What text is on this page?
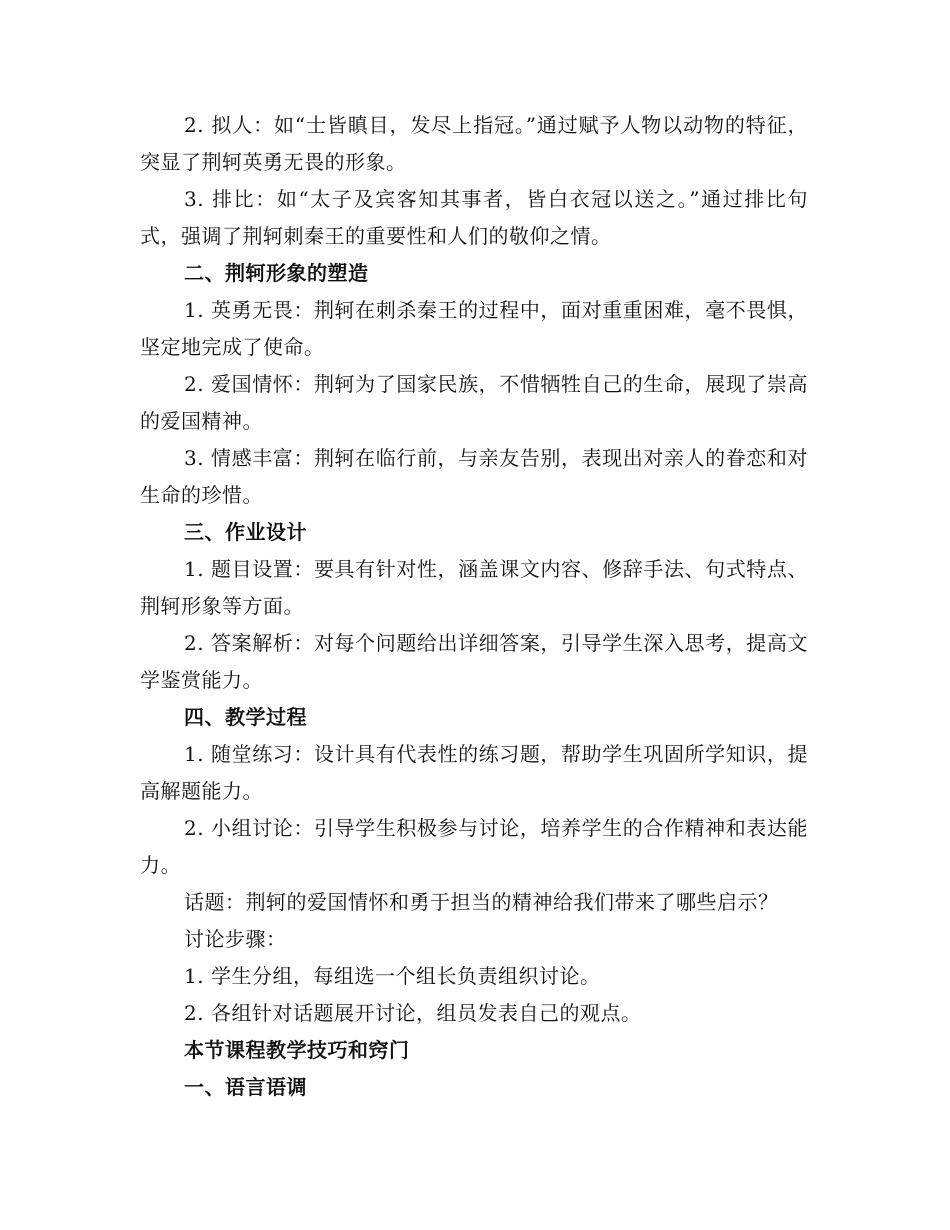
2. 拟人：如“士皆瞋目，发尽上指冠。”通过赋予人物以动物的特征，突显了荆轲英勇无畏的形象。

3. 排比：如“太子及宾客知其事者，皆白衣冠以送之。”通过排比句式，强调了荆轲刺秦王的重要性和人们的敬仰之情。

二、荆轲形象的塑造

1. 英勇无畏：荆轲在刺杀秦王的过程中，面对重重困难，毫不畏惧，坚定地完成了使命。

2. 爱国情怀：荆轲为了国家民族，不惜牺牲自己的生命，展现了崇高的爱国精神。

3. 情感丰富：荆轲在临行前，与亲友告别，表现出对亲人的眷恋和对生命的珍惜。

三、作业设计

1. 题目设置：要具有针对性，涵盖课文内容、修辞手法、句式特点、荆轲形象等方面。

2. 答案解析：对每个问题给出详细答案，引导学生深入思考，提高文学鉴赏能力。

四、教学过程

1. 随堂练习：设计具有代表性的练习题，帮助学生巩固所学知识，提高解题能力。

2. 小组讨论：引导学生积极参与讨论，培养学生的合作精神和表达能力。

话题：荆轲的爱国情怀和勇于担当的精神给我们带来了哪些启示？

讨论步骤：

1. 学生分组，每组选一个组长负责组织讨论。

2. 各组针对话题展开讨论，组员发表自己的观点。

本节课程教学技巧和窍门

一、语言语调
